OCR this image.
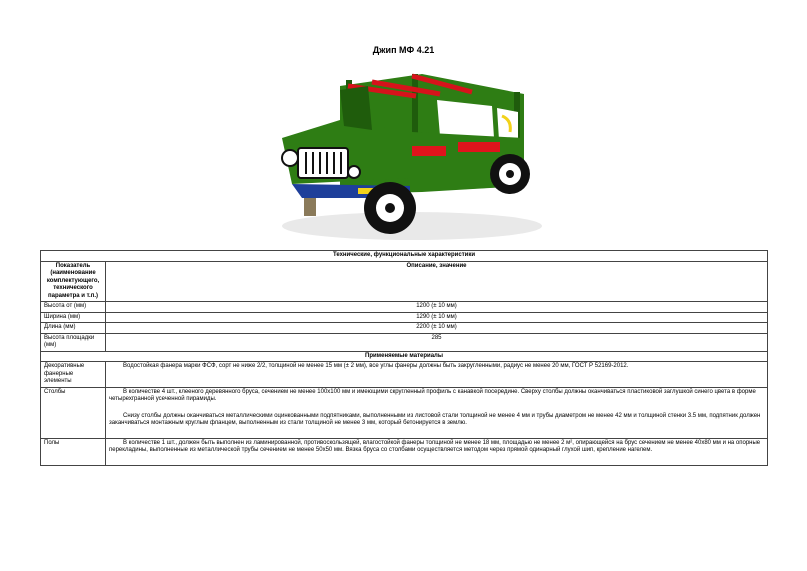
Джип МФ 4.21
Технические, функциональные характеристики	
Показатель (наименование комплектующего, технического параметра и т.п.)	Описание, значение
Высота от (мм)	1200 (± 10 мм)
Ширина (мм)	1290 (± 10 мм)
Длина (мм)	2200 (± 10 мм)
Высота площадки (мм)	285
Применяемые материалы	
Декоративные фанерные элементы	Водостойкая фанера марки ФСФ, сорт не ниже 2/2, толщиной не менее 15 мм (± 2 мм), все углы фанеры должны быть закругленными, радиус не менее 20 мм, ГОСТ Р 52169-2012.

Столбы	В количестве 4 шт., клееного деревянного бруса, сечением не менее 100х100 мм и имеющими скругленный профиль с канавкой посередине. Сверху столбы должны оканчиваться пластиковой заглушкой синего цвета в форме четырехгранной усеченной пирамиды.

Снизу столбы должны оканчиваться металлическими оцинкованными подпятниками, выполненными из листовой стали толщиной не менее 4 мм и трубы диаметром не менее 42 мм и толщиной стенки 3.5 мм, подпятник должен заканчиваться монтажным круглым фланцем, выполненным из стали толщиной не менее 3 мм, который бетонируется в землю.

Полы	В количестве 1 шт., должен быть выполнен из ламинированной, противоскользящей, влагостойкой фанеры толщиной не менее 18 мм, площадью не менее 2 м², опирающейся на брус сечением не менее 40х80 мм и на опорные перекладины, выполненные из металлической трубы сечением не менее 50х50 мм. Вязка бруса со столбами осуществляется методом через прямой одинарный глухой шип, крепление нагелем.
